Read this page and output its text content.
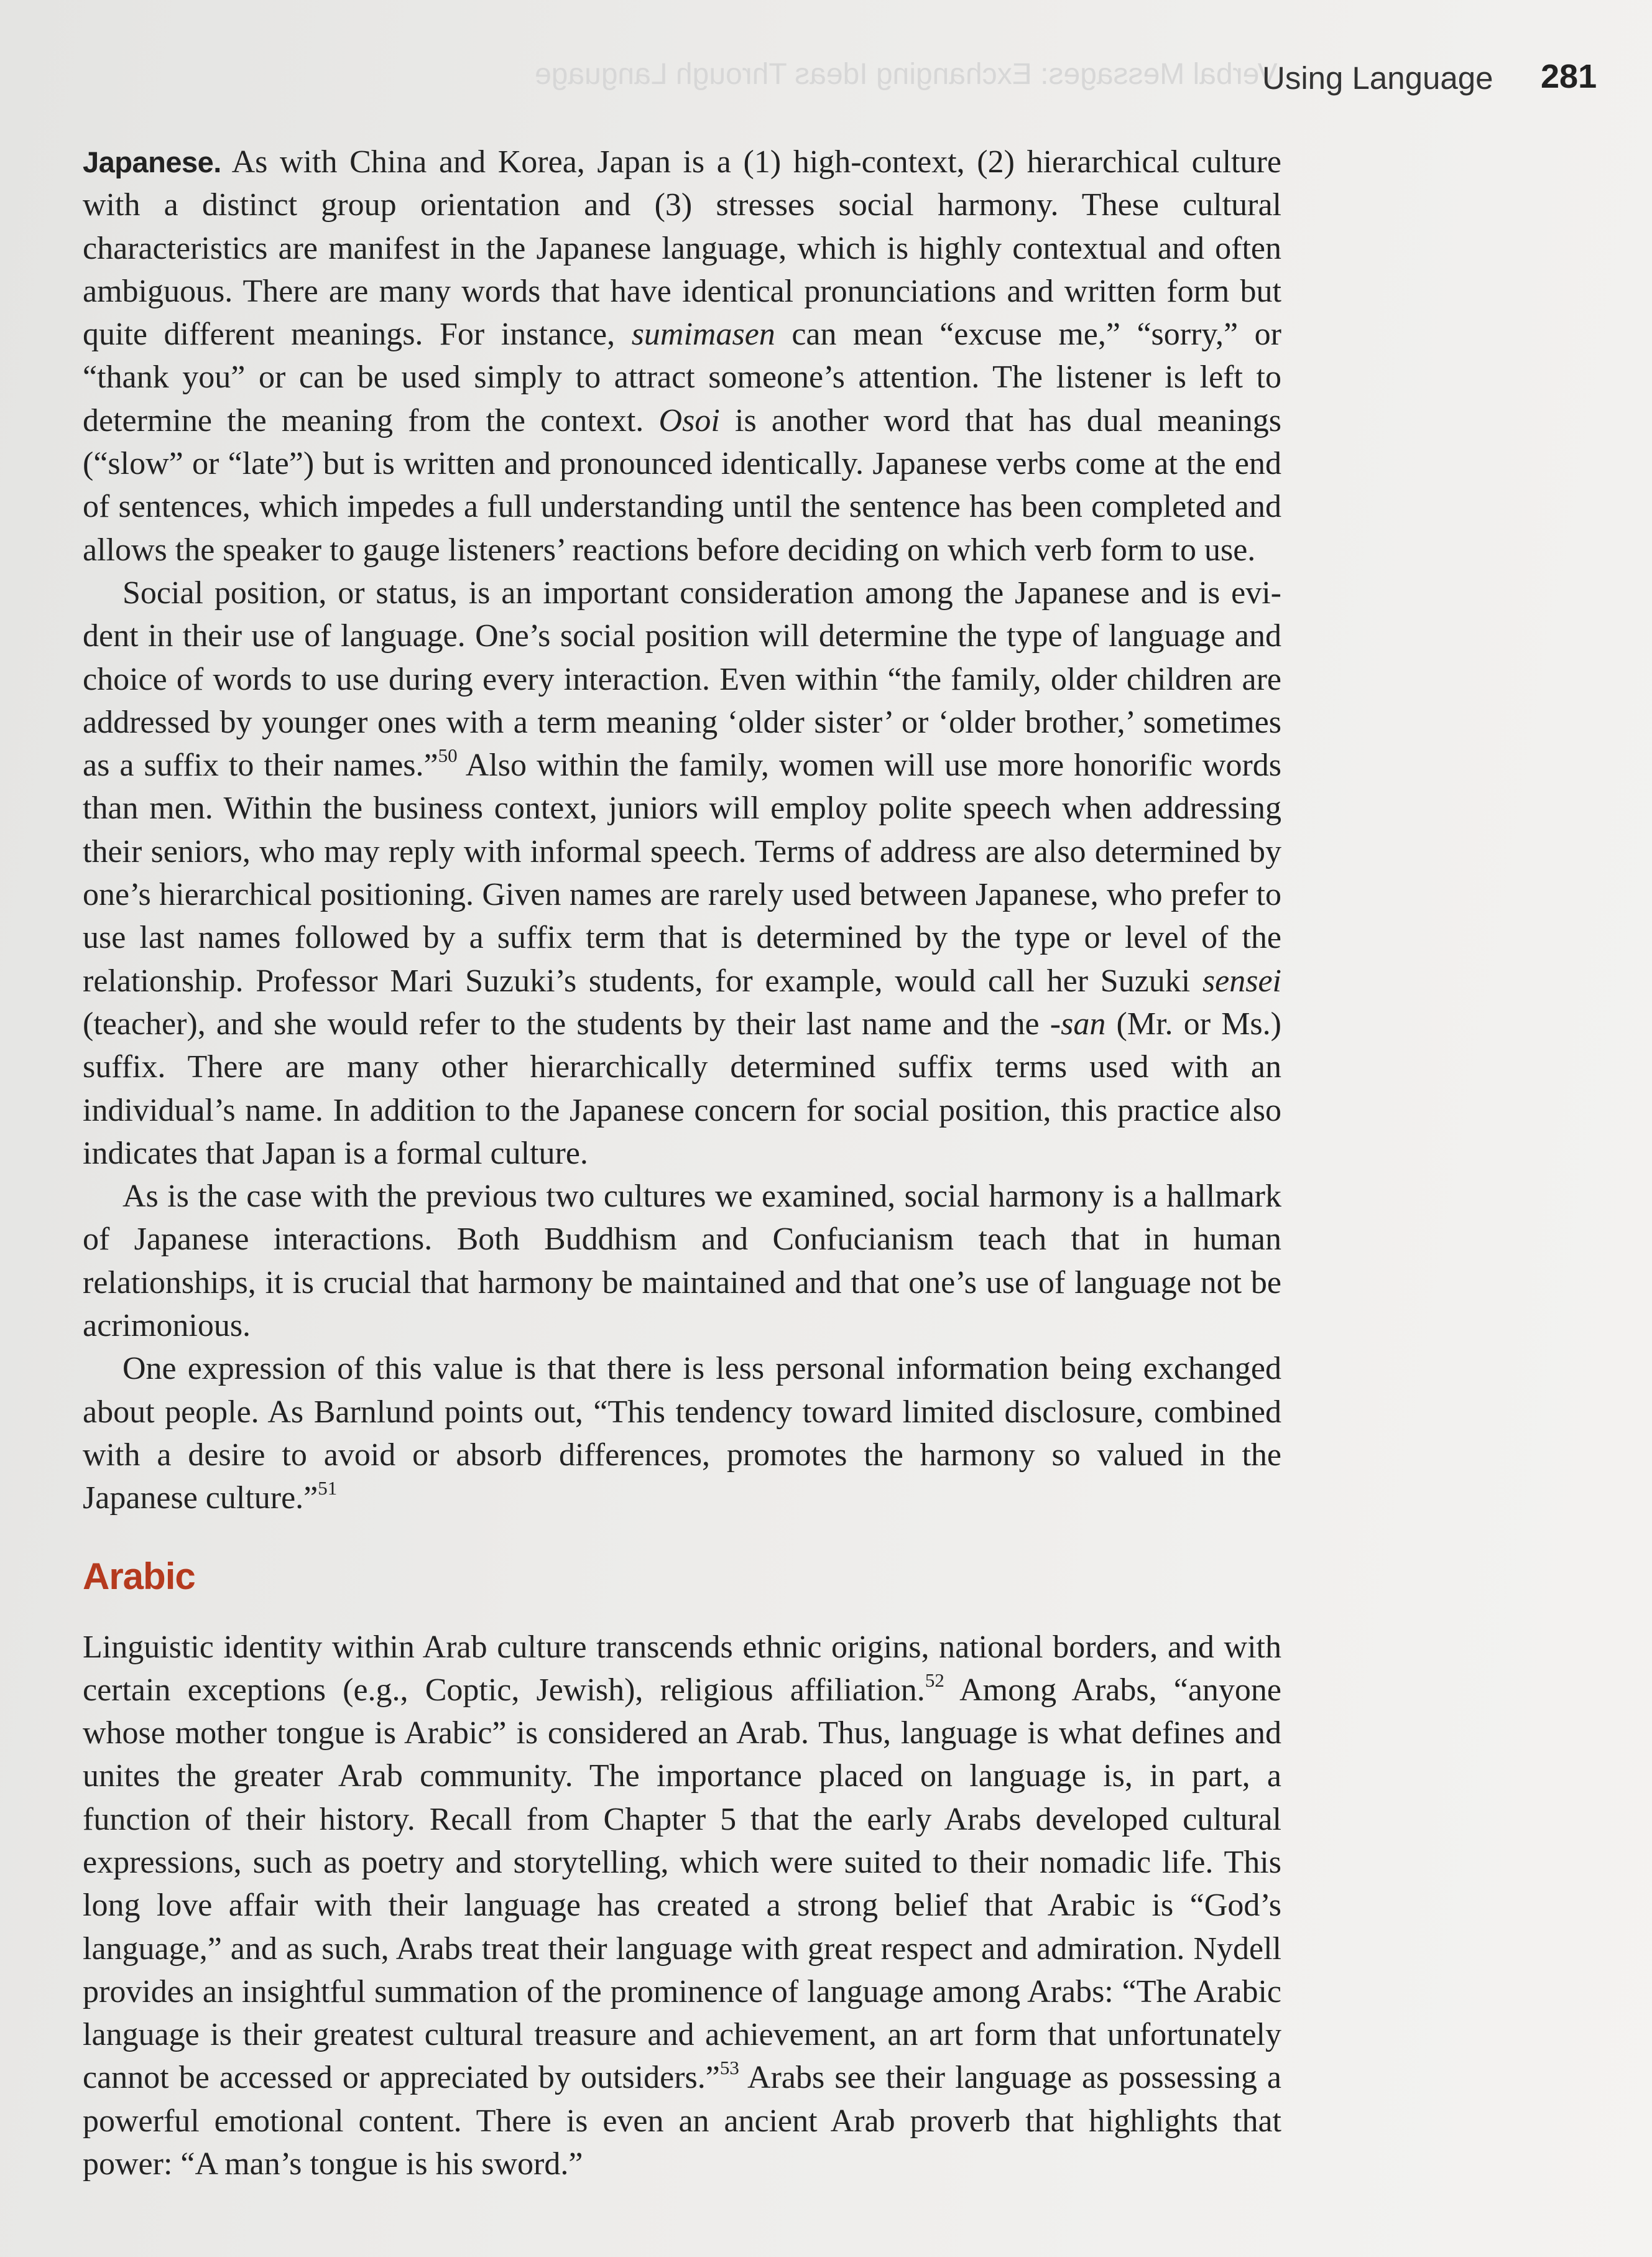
Verbal Messages: Exchanging Ideas Through Language
Using Language 281

Japanese. As with China and Korea, Japan is a (1) high-context, (2) hierarchical culture with a distinct group orientation and (3) stresses social harmony. These cultural characteristics are manifest in the Japanese language, which is highly contextual and often ambiguous. There are many words that have identical pronunciations and written form but quite different meanings. For instance, sumimasen can mean “excuse me,” “sorry,” or “thank you” or can be used simply to attract someone’s attention. The listener is left to determine the meaning from the context. Osoi is another word that has dual meanings (“slow” or “late”) but is written and pronounced identically. Japanese verbs come at the end of sentences, which impedes a full understanding until the sentence has been completed and allows the speaker to gauge listeners’ reactions before deciding on which verb form to use.

Social position, or status, is an important consideration among the Japanese and is evident in their use of language. One’s social position will determine the type of language and choice of words to use during every interaction. Even within “the family, older children are addressed by younger ones with a term meaning ‘older sister’ or ‘older brother,’ sometimes as a suffix to their names.”$^{50}$ Also within the family, women will use more honorific words than men. Within the business context, juniors will employ polite speech when addressing their seniors, who may reply with informal speech. Terms of address are also determined by one’s hierarchical positioning. Given names are rarely used between Japanese, who prefer to use last names followed by a suffix term that is determined by the type or level of the relationship. Professor Mari Suzuki’s students, for example, would call her Suzuki sensei (teacher), and she would refer to the students by their last name and the -san (Mr. or Ms.) suffix. There are many other hierarchically determined suffix terms used with an individual’s name. In addition to the Japanese concern for social position, this practice also indicates that Japan is a formal culture.

As is the case with the previous two cultures we examined, social harmony is a hallmark of Japanese interactions. Both Buddhism and Confucianism teach that in human relationships, it is crucial that harmony be maintained and that one’s use of language not be acrimonious.

One expression of this value is that there is less personal information being exchanged about people. As Barnlund points out, “This tendency toward limited disclosure, combined with a desire to avoid or absorb differences, promotes the harmony so valued in the Japanese culture.”$^{51}$

Arabic

Linguistic identity within Arab culture transcends ethnic origins, national borders, and with certain exceptions (e.g., Coptic, Jewish), religious affiliation.$^{52}$ Among Arabs, “anyone whose mother tongue is Arabic” is considered an Arab. Thus, language is what defines and unites the greater Arab community. The importance placed on language is, in part, a function of their history. Recall from Chapter 5 that the early Arabs developed cultural expressions, such as poetry and storytelling, which were suited to their nomadic life. This long love affair with their language has created a strong belief that Arabic is “God’s language,” and as such, Arabs treat their language with great respect and admiration. Nydell provides an insightful summation of the prominence of language among Arabs: “The Arabic language is their greatest cultural treasure and achievement, an art form that unfortunately cannot be accessed or appreciated by outsiders.”$^{53}$ Arabs see their language as possessing a powerful emotional content. There is even an ancient Arab proverb that highlights that power: “A man’s tongue is his sword.”
